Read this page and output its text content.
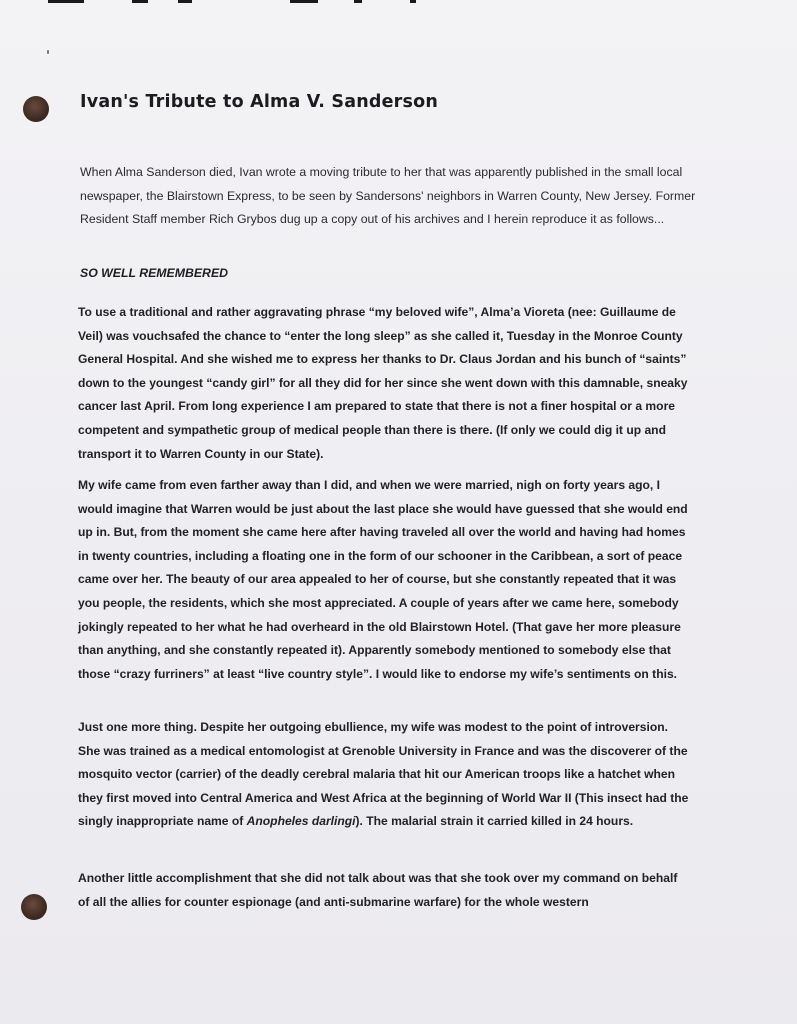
Ivan's Tribute to Alma V. Sanderson

When Alma Sanderson died, Ivan wrote a moving tribute to her that was apparently published in the small local newspaper, the Blairstown Express, to be seen by Sandersons' neighbors in Warren County, New Jersey. Former Resident Staff member Rich Grybos dug up a copy out of his archives and I herein reproduce it as follows...

SO WELL REMEMBERED

To use a traditional and rather aggravating phrase “my beloved wife”, Alma’a Vioreta (nee: Guillaume de Veil) was vouchsafed the chance to “enter the long sleep” as she called it, Tuesday in the Monroe County General Hospital. And she wished me to express her thanks to Dr. Claus Jordan and his bunch of “saints” down to the youngest “candy girl” for all they did for her since she went down with this damnable, sneaky cancer last April. From long experience I am prepared to state that there is not a finer hospital or a more competent and sympathetic group of medical people than there is there. (If only we could dig it up and transport it to Warren County in our State).

My wife came from even farther away than I did, and when we were married, nigh on forty years ago, I would imagine that Warren would be just about the last place she would have guessed that she would end up in. But, from the moment she came here after having traveled all over the world and having had homes in twenty countries, including a floating one in the form of our schooner in the Caribbean, a sort of peace came over her. The beauty of our area appealed to her of course, but she constantly repeated that it was you people, the residents, which she most appreciated. A couple of years after we came here, somebody jokingly repeated to her what he had overheard in the old Blairstown Hotel. (That gave her more pleasure than anything, and she constantly repeated it). Apparently somebody mentioned to somebody else that those “crazy furriners” at least “live country style”. I would like to endorse my wife’s sentiments on this.

Just one more thing. Despite her outgoing ebullience, my wife was modest to the point of introversion. She was trained as a medical entomologist at Grenoble University in France and was the discoverer of the mosquito vector (carrier) of the deadly cerebral malaria that hit our American troops like a hatchet when they first moved into Central America and West Africa at the beginning of World War II (This insect had the singly inappropriate name of Anopheles darlingi). The malarial strain it carried killed in 24 hours.

Another little accomplishment that she did not talk about was that she took over my command on behalf of all the allies for counter espionage (and anti-submarine warfare) for the whole western
